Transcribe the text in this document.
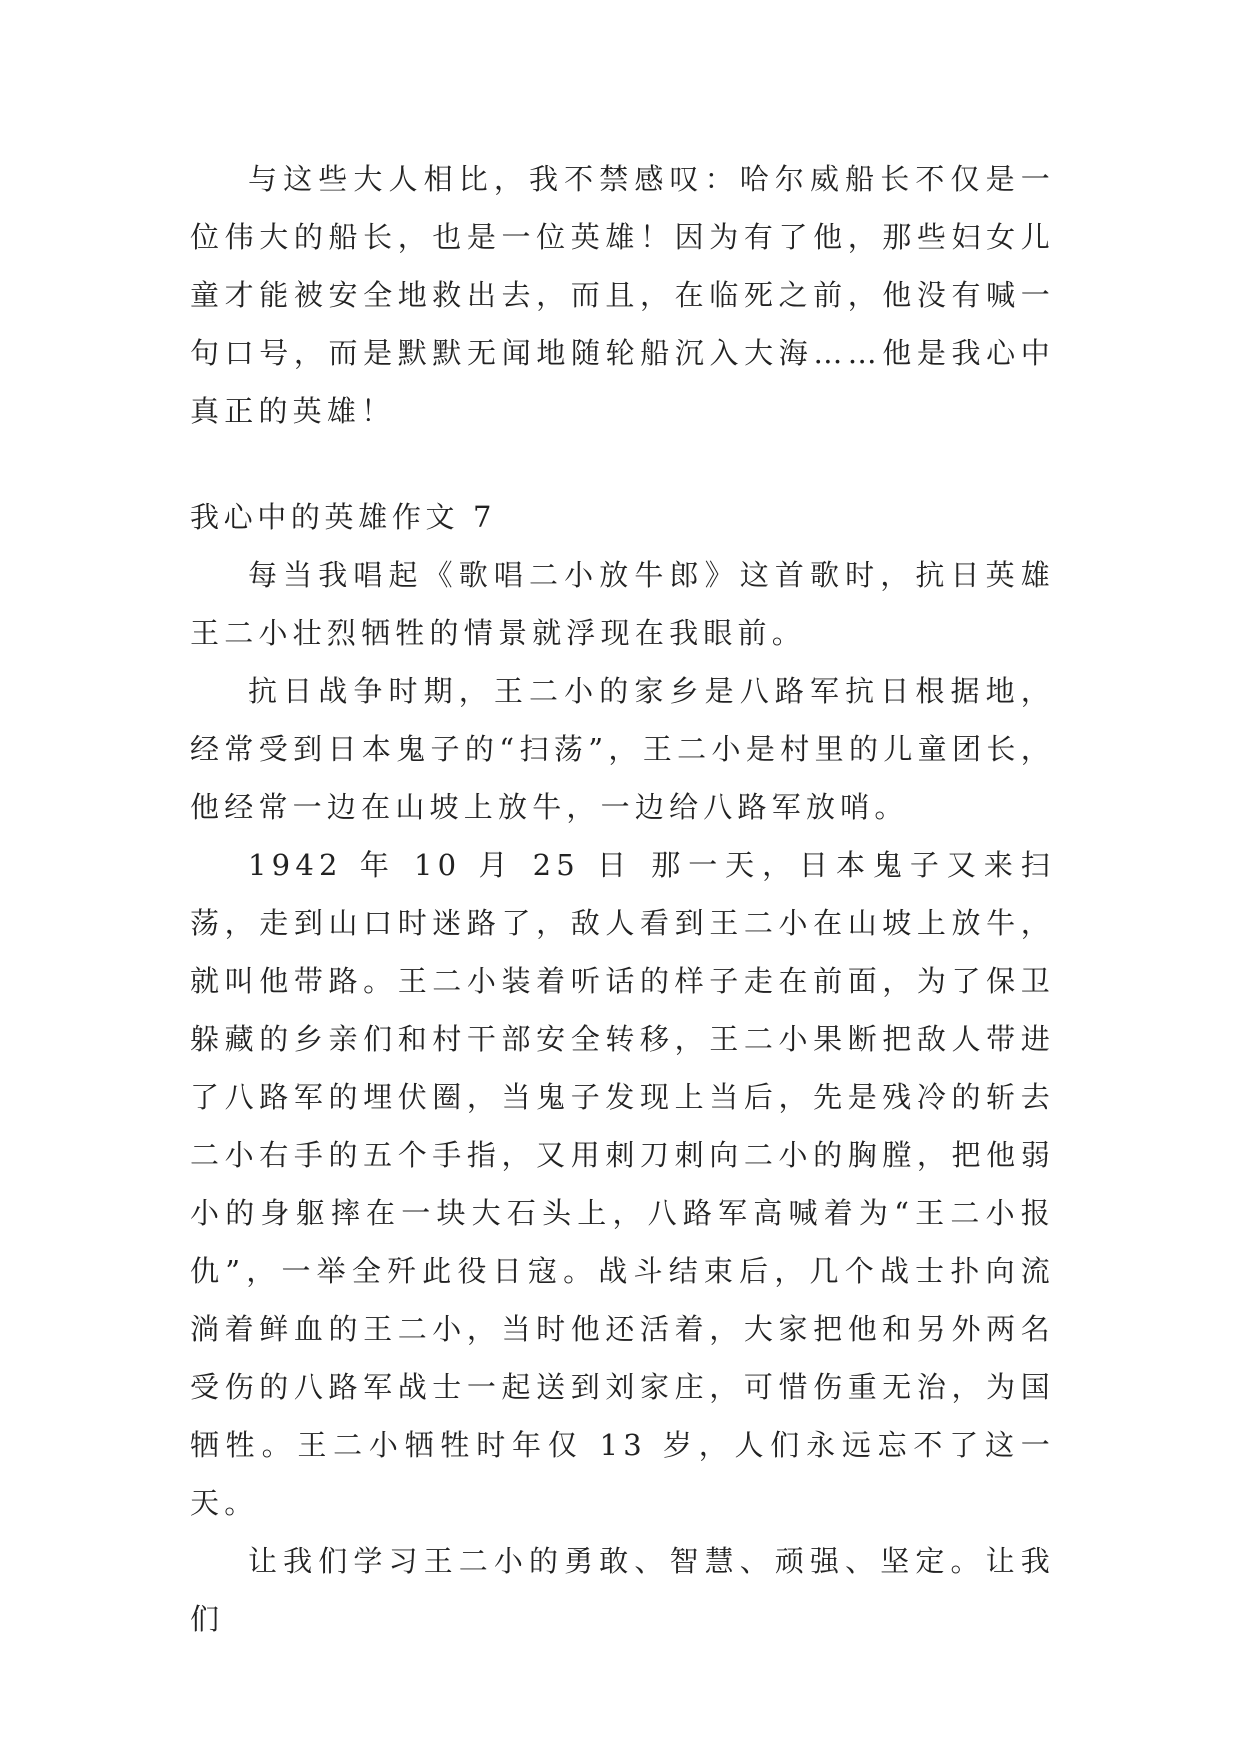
与这些大人相比，我不禁感叹：哈尔威船长不仅是一位伟大的船长，也是一位英雄！因为有了他，那些妇女儿童才能被安全地救出去，而且，在临死之前，他没有喊一句口号，而是默默无闻地随轮船沉入大海……他是我心中真正的英雄！

我心中的英雄作文 7

每当我唱起《歌唱二小放牛郎》这首歌时，抗日英雄王二小壮烈牺牲的情景就浮现在我眼前。

抗日战争时期，王二小的家乡是八路军抗日根据地，经常受到日本鬼子的“扫荡”，王二小是村里的儿童团长，他经常一边在山坡上放牛，一边给八路军放哨。

1942 年 10 月 25 日 那一天，日本鬼子又来扫荡，走到山口时迷路了，敌人看到王二小在山坡上放牛，就叫他带路。王二小装着听话的样子走在前面，为了保卫躲藏的乡亲们和村干部安全转移，王二小果断把敌人带进了八路军的埋伏圈，当鬼子发现上当后，先是残冷的斩去二小右手的五个手指，又用刺刀刺向二小的胸膛，把他弱小的身躯摔在一块大石头上，八路军高喊着为“王二小报仇”，一举全歼此役日寇。战斗结束后，几个战士扑向流淌着鲜血的王二小，当时他还活着，大家把他和另外两名受伤的八路军战士一起送到刘家庄，可惜伤重无治，为国牺牲。王二小牺牲时年仅 13 岁，人们永远忘不了这一天。

让我们学习王二小的勇敢、智慧、顽强、坚定。让我们
